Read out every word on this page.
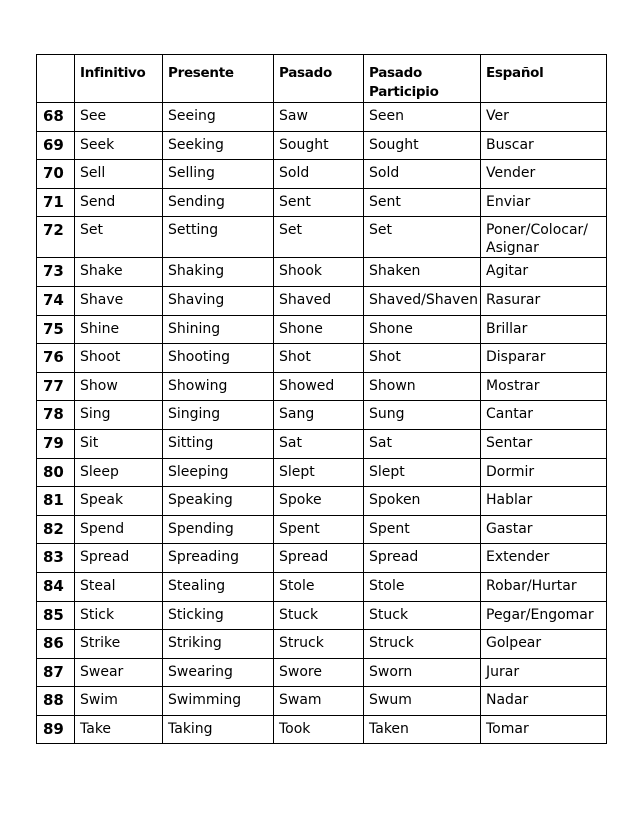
	Infinitivo	Presente	Pasado	Pasado Participio	Español
68	See	Seeing	Saw	Seen	Ver
69	Seek	Seeking	Sought	Sought	Buscar
70	Sell	Selling	Sold	Sold	Vender
71	Send	Sending	Sent	Sent	Enviar
72	Set	Setting	Set	Set	Poner/Colocar/ Asignar
73	Shake	Shaking	Shook	Shaken	Agitar
74	Shave	Shaving	Shaved	Shaved/Shaven	Rasurar
75	Shine	Shining	Shone	Shone	Brillar
76	Shoot	Shooting	Shot	Shot	Disparar
77	Show	Showing	Showed	Shown	Mostrar
78	Sing	Singing	Sang	Sung	Cantar
79	Sit	Sitting	Sat	Sat	Sentar
80	Sleep	Sleeping	Slept	Slept	Dormir
81	Speak	Speaking	Spoke	Spoken	Hablar
82	Spend	Spending	Spent	Spent	Gastar
83	Spread	Spreading	Spread	Spread	Extender
84	Steal	Stealing	Stole	Stole	Robar/Hurtar
85	Stick	Sticking	Stuck	Stuck	Pegar/Engomar
86	Strike	Striking	Struck	Struck	Golpear
87	Swear	Swearing	Swore	Sworn	Jurar
88	Swim	Swimming	Swam	Swum	Nadar
89	Take	Taking	Took	Taken	Tomar
